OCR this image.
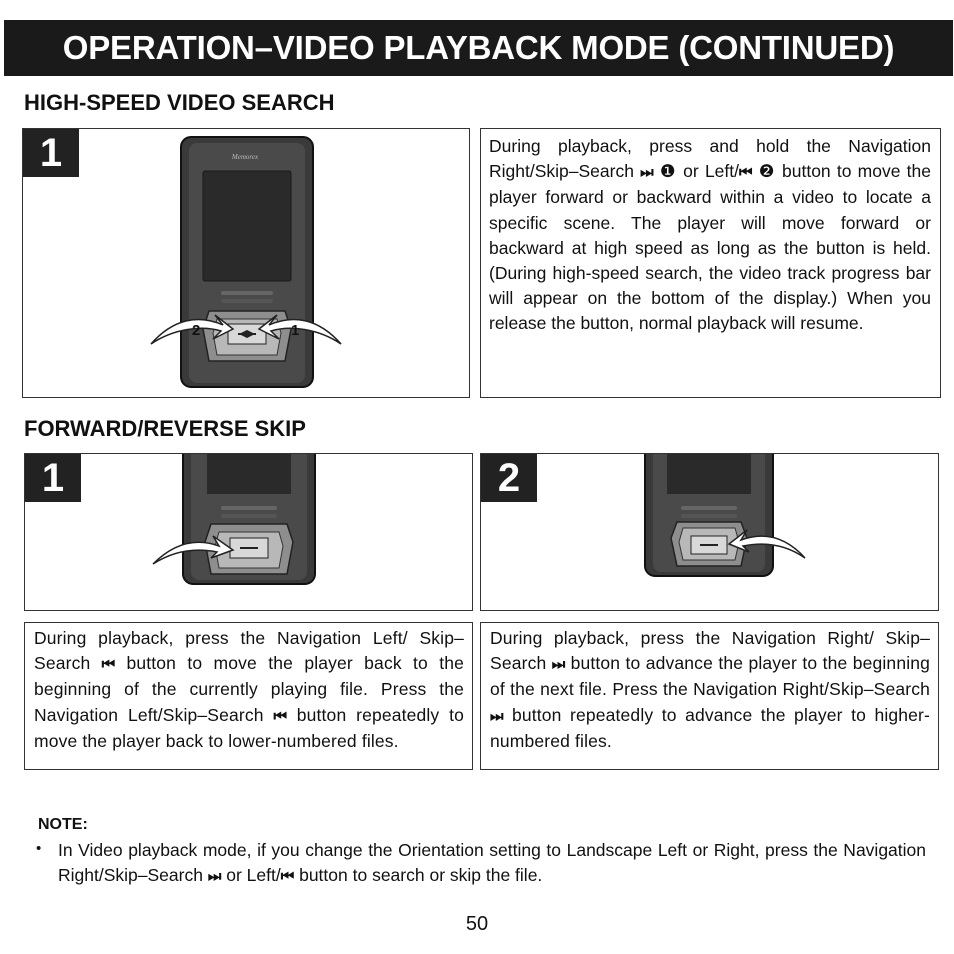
OPERATION–VIDEO PLAYBACK MODE (CONTINUED)
HIGH-SPEED VIDEO SEARCH
1	Memorex
2	1
During playback, press and hold the Navigation Right/Skip–Search ⏭ ❶ or Left/⏮ ❷ button to move the player forward or backward within a video to locate a specific scene. The player will move forward or backward at high speed as long as the button is held. (During high-speed search, the video track progress bar will appear on the bottom of the display.) When you release the button, normal playback will resume.
FORWARD/REVERSE SKIP
1	2
During playback, press the Navigation Left/ Skip–Search ⏮ button to move the player back to the beginning of the currently playing file. Press the Navigation Left/Skip–Search ⏮ button repeatedly to move the player back to lower-numbered files.
During playback, press the Navigation Right/ Skip–Search ⏭ button to advance the player to the beginning of the next file. Press the Navigation Right/Skip–Search ⏭ button repeatedly to advance the player to higher-numbered files.
NOTE:
• In Video playback mode, if you change the Orientation setting to Landscape Left or Right, press the Navigation Right/Skip–Search ⏭ or Left/⏮ button to search or skip the file.
50
